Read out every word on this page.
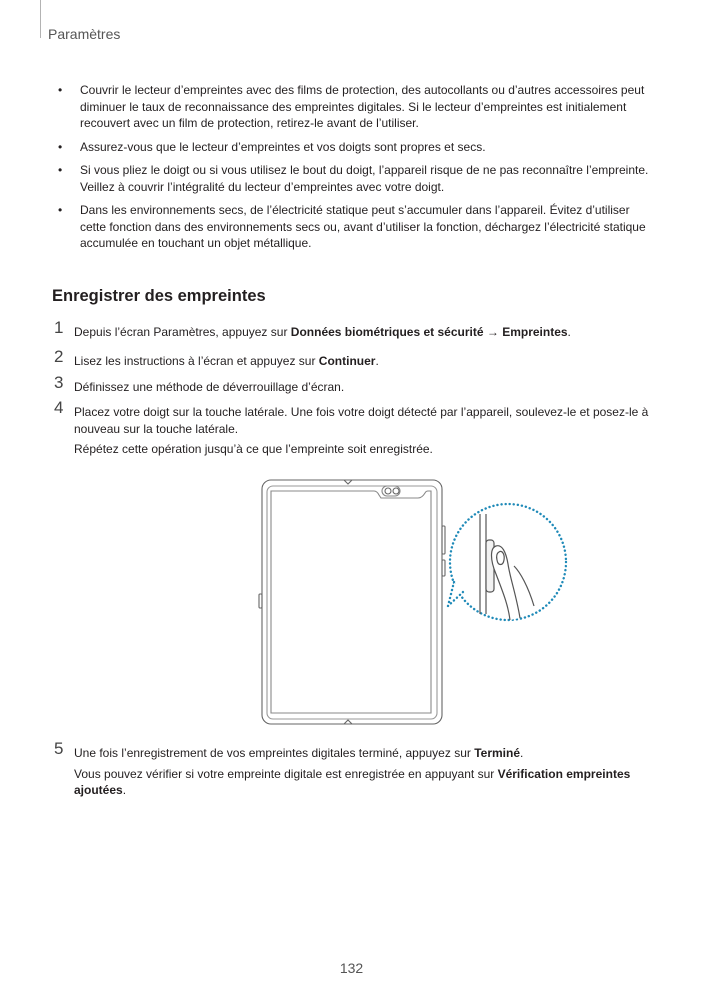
Paramètres
• Couvrir le lecteur d’empreintes avec des films de protection, des autocollants ou d’autres accessoires peut diminuer le taux de reconnaissance des empreintes digitales. Si le lecteur d’empreintes est initialement recouvert avec un film de protection, retirez-le avant de l’utiliser.
• Assurez-vous que le lecteur d’empreintes et vos doigts sont propres et secs.
• Si vous pliez le doigt ou si vous utilisez le bout du doigt, l’appareil risque de ne pas reconnaître l’empreinte. Veillez à couvrir l’intégralité du lecteur d’empreintes avec votre doigt.
• Dans les environnements secs, de l’électricité statique peut s’accumuler dans l’appareil. Évitez d’utiliser cette fonction dans des environnements secs ou, avant d’utiliser la fonction, déchargez l’électricité statique accumulée en touchant un objet métallique.
Enregistrer des empreintes
1 Depuis l’écran Paramètres, appuyez sur Données biométriques et sécurité → Empreintes.

2 Lisez les instructions à l’écran et appuyez sur Continuer.

3 Définissez une méthode de déverrouillage d’écran.

4 Placez votre doigt sur la touche latérale. Une fois votre doigt détecté par l’appareil, soulevez-le et posez-le à nouveau sur la touche latérale.

Répétez cette opération jusqu’à ce que l’empreinte soit enregistrée.

5 Une fois l’enregistrement de vos empreintes digitales terminé, appuyez sur Terminé.

Vous pouvez vérifier si votre empreinte digitale est enregistrée en appuyant sur Vérification empreintes ajoutées.

132
